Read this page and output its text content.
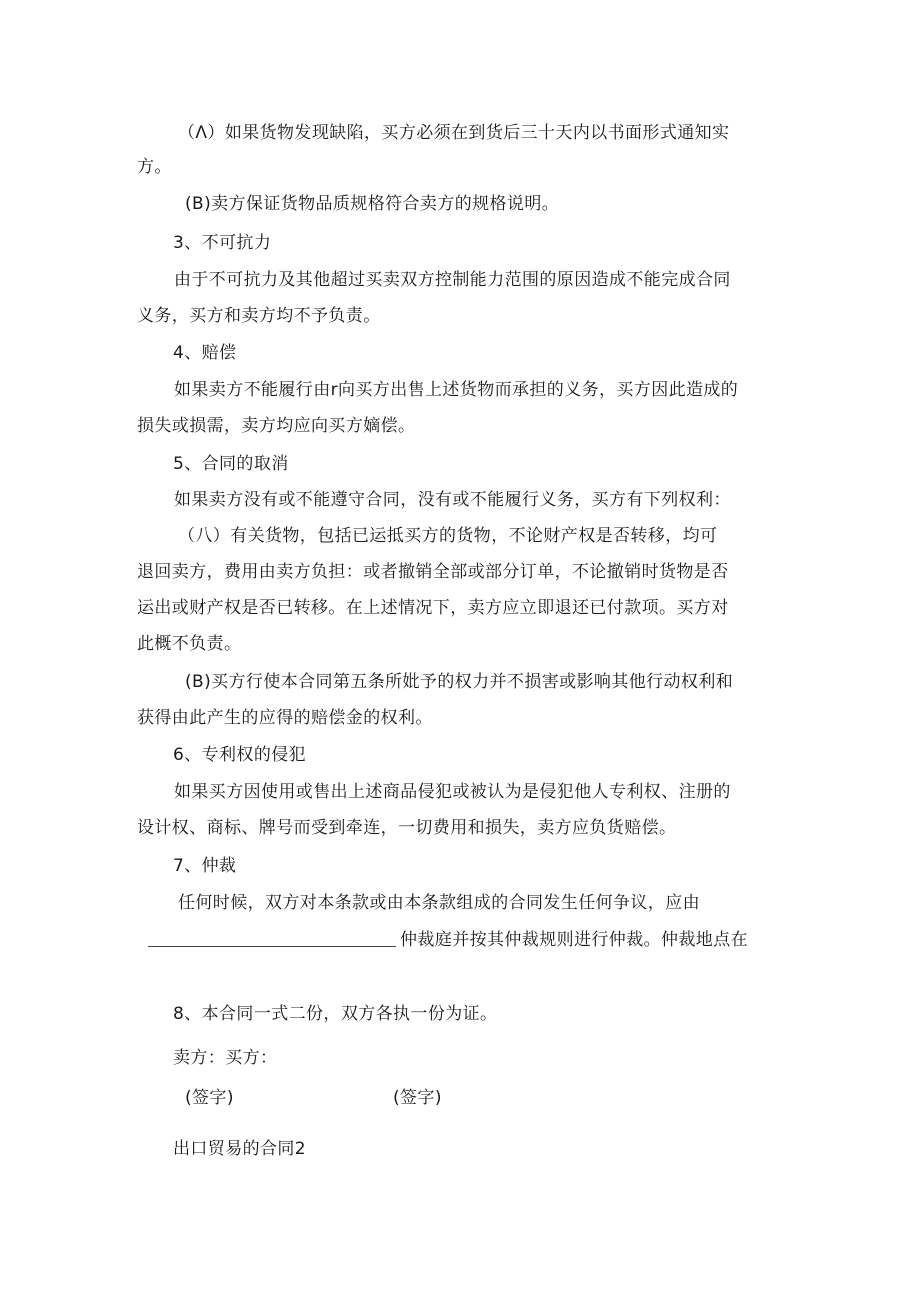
（Λ）如果货物发现缺陷，买方必须在到货后三十天内以书面形式通知实
方。
(B)卖方保证货物品质规格符合卖方的规格说明。
3、不可抗力
由于不可抗力及其他超过买卖双方控制能力范围的原因造成不能完成合同
义务，买方和卖方均不予负责。
4、赔偿
如果卖方不能履行由r向买方出售上述货物而承担的义务，买方因此造成的
损失或损需，卖方均应向买方嫡偿。
5、合同的取消
如果卖方没有或不能遵守合同，没有或不能履行义务，买方有下列权利：
（八）有关货物，包括已运抵买方的货物，不论财产权是否转移，均可
退回卖方，费用由卖方负担：或者撤销全部或部分订单，不论撤销时货物是否
运出或财产权是否已转移。在上述情况下，卖方应立即退还已付款项。买方对
此概不负责。
(B)买方行使本合同第五条所妣予的权力并不损害或影响其他行动权利和
获得由此产生的应得的赔偿金的权利。
6、专利权的侵犯
如果买方因使用或售出上述商品侵犯或被认为是侵犯他人专利权、注册的
设计权、商标、牌号而受到牵连，一切费用和损失，卖方应负货赔偿。
7、仲裁
任何时候，双方对本条款或由本条款组成的合同发生任何争议，应由
仲裁庭并按其仲裁规则进行仲裁。仲裁地点在
8、本合同一式二份，双方各执一份为证。
卖方：买方：
(签字)	(签字)
出口贸易的合同2
